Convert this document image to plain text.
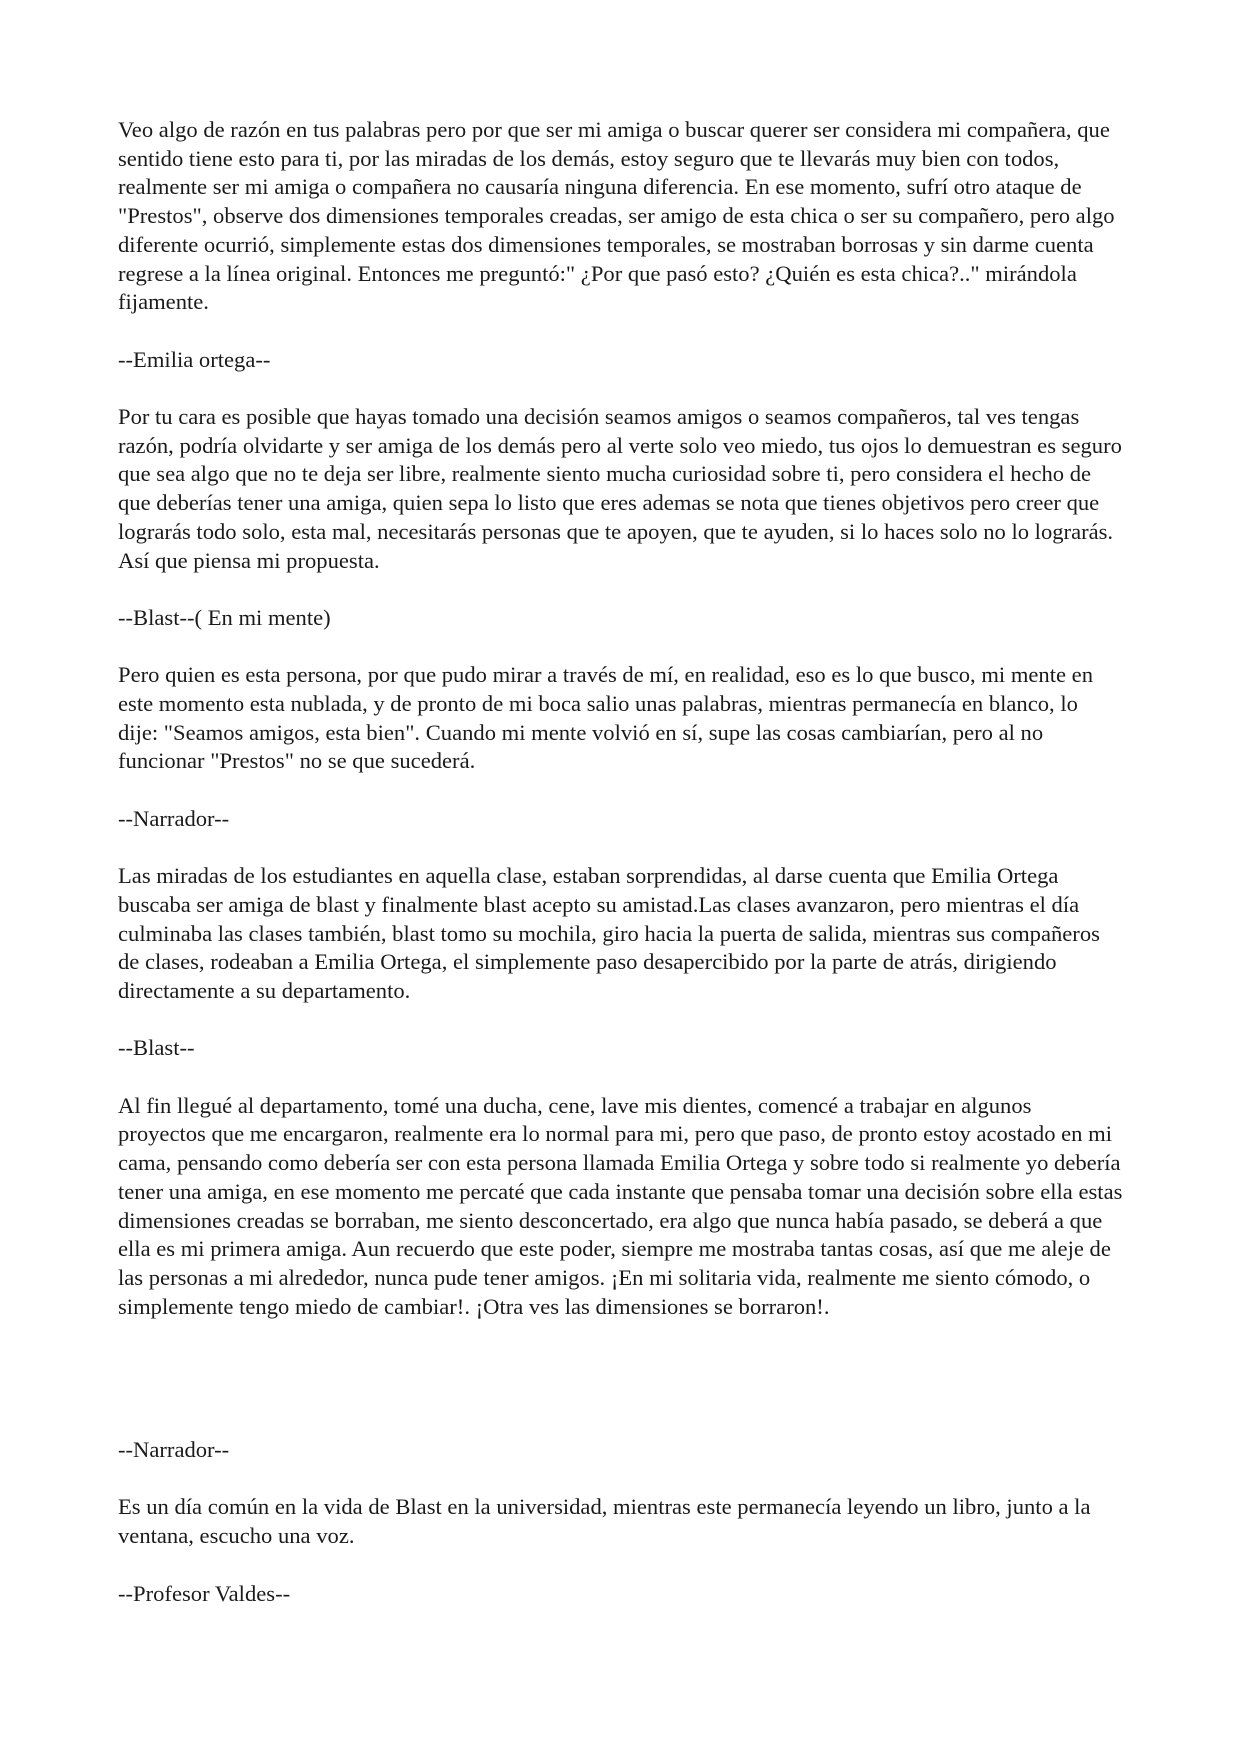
Veo algo de razón en tus palabras pero por que ser mi amiga o buscar querer ser considera mi compañera, que sentido tiene esto para ti, por las miradas de los demás, estoy seguro que te llevarás muy bien con todos, realmente ser mi amiga o compañera no causaría ninguna diferencia. En ese momento, sufrí otro ataque de "Prestos", observe dos dimensiones temporales creadas, ser amigo de esta chica o ser su compañero, pero algo diferente ocurrió, simplemente estas dos dimensiones temporales, se mostraban borrosas y sin darme cuenta regrese a la línea original. Entonces me preguntó:" ¿Por que pasó esto? ¿Quién es esta chica?.." mirándola fijamente.

--Emilia ortega--

Por tu cara es posible que hayas tomado una decisión seamos amigos o seamos compañeros, tal ves tengas razón, podría olvidarte y ser amiga de los demás pero al verte solo veo miedo, tus ojos lo demuestran es seguro que sea algo que no te deja ser libre, realmente siento mucha curiosidad sobre ti, pero considera el hecho de que deberías tener una amiga, quien sepa lo listo que eres ademas se nota que tienes objetivos pero creer que lograrás todo solo, esta mal, necesitarás personas que te apoyen, que te ayuden, si lo haces solo no lo lograrás. Así que piensa mi propuesta.

--Blast--( En mi mente)

Pero quien es esta persona, por que pudo mirar a través de mí, en realidad, eso es lo que busco, mi mente en este momento esta nublada, y de pronto de mi boca salio unas palabras, mientras permanecía en blanco, lo dije: "Seamos amigos, esta bien". Cuando mi mente volvió en sí, supe las cosas cambiarían, pero al no funcionar "Prestos" no se que sucederá.

--Narrador--

Las miradas de los estudiantes en aquella clase, estaban sorprendidas, al darse cuenta que Emilia Ortega buscaba ser amiga de blast y finalmente blast acepto su amistad.Las clases avanzaron, pero mientras el día culminaba las clases también, blast tomo su mochila, giro hacia la puerta de salida, mientras sus compañeros de clases, rodeaban a Emilia Ortega, el simplemente paso desapercibido por la parte de atrás, dirigiendo directamente a su departamento.

--Blast--

Al fin llegué al departamento, tomé una ducha, cene, lave mis dientes, comencé a trabajar en algunos proyectos que me encargaron, realmente era lo normal para mi, pero que paso, de pronto estoy acostado en mi cama, pensando como debería ser con esta persona llamada Emilia Ortega y sobre todo si realmente yo debería tener una amiga, en ese momento me percaté que cada instante que pensaba tomar una decisión sobre ella estas dimensiones creadas se borraban, me siento desconcertado, era algo que nunca había pasado, se deberá a que ella es mi primera amiga. Aun recuerdo que este poder, siempre me mostraba tantas cosas, así que me aleje de las personas a mi alrededor, nunca pude tener amigos. ¡En mi solitaria vida, realmente me siento cómodo, o simplemente tengo miedo de cambiar!. ¡Otra ves las dimensiones se borraron!.

--Narrador--

Es un día común en la vida de Blast en la universidad, mientras este permanecía leyendo un libro, junto a la ventana, escucho una voz.

--Profesor Valdes--
